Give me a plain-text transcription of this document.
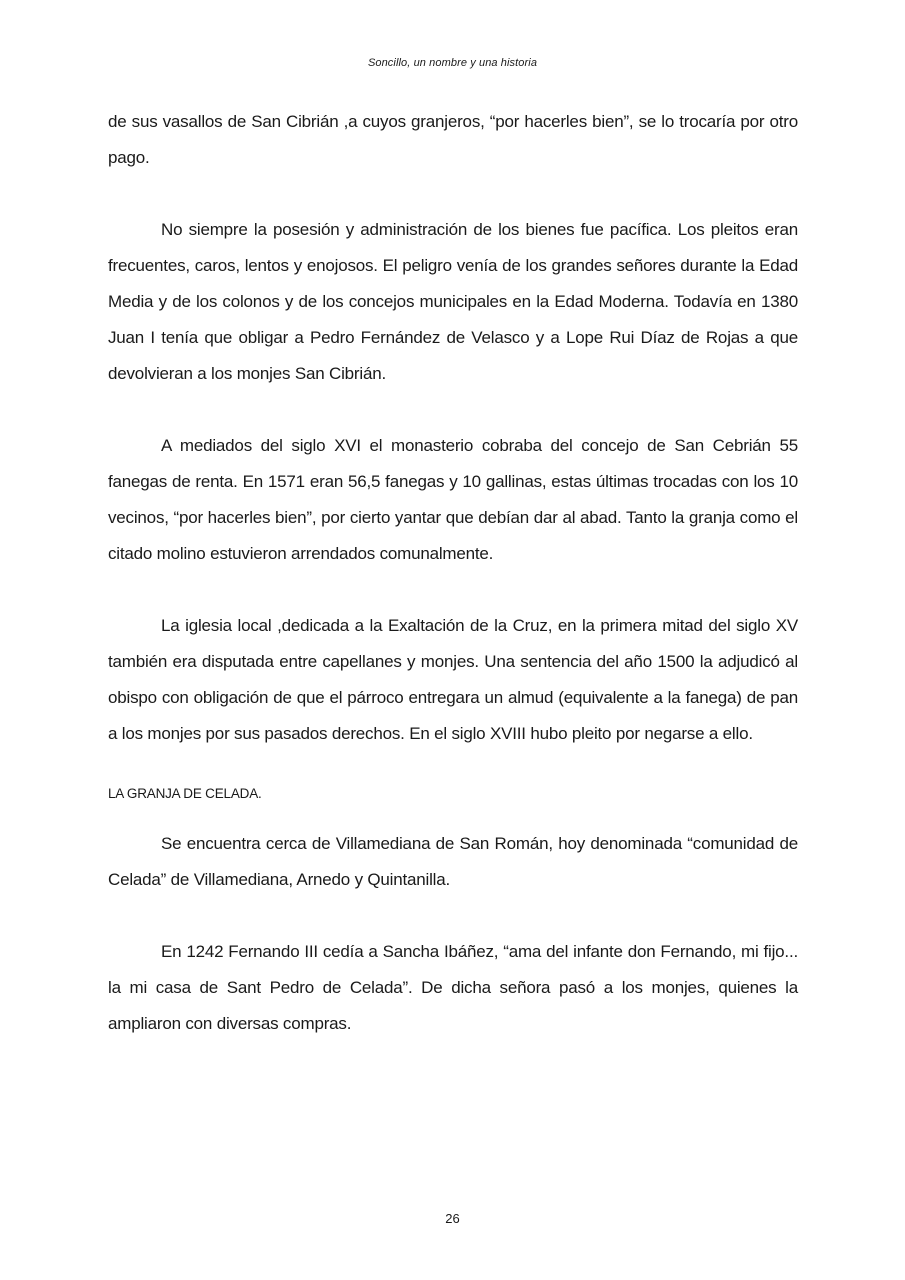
Soncillo, un nombre y una historia

de sus vasallos de San Cibrián ,a cuyos granjeros, “por hacerles bien”, se lo trocaría por otro pago.

No siempre la posesión y administración de los bienes fue pacífica. Los pleitos eran frecuentes, caros, lentos y enojosos. El peligro venía de los grandes señores durante la Edad Media y de los colonos y de los concejos municipales en la Edad Moderna. Todavía en 1380 Juan I tenía que obligar a Pedro Fernández de Velasco y a Lope Rui Díaz de Rojas a que devolvieran a los monjes San Cibrián.

A mediados del siglo XVI el monasterio cobraba del concejo de San Cebrián 55 fanegas de renta. En 1571 eran 56,5 fanegas y 10 gallinas, estas últimas trocadas con los 10 vecinos, “por hacerles bien”, por cierto yantar que debían dar al abad. Tanto la granja como el citado molino estuvieron arrendados comunalmente.

La iglesia local ,dedicada a la Exaltación de la Cruz, en la primera mitad del siglo XV también era disputada entre capellanes y monjes. Una sentencia del año 1500 la adjudicó al obispo con obligación de que el párroco entregara un almud (equivalente a la fanega) de pan a los monjes por sus pasados derechos. En el siglo XVIII hubo pleito por negarse a ello.

LA GRANJA DE CELADA.

Se encuentra cerca de Villamediana de San Román, hoy denominada “comunidad de Celada” de Villamediana, Arnedo y Quintanilla.

En 1242 Fernando III cedía a Sancha Ibáñez, “ama del infante don Fernando, mi fijo... la mi casa de Sant Pedro de Celada”. De dicha señora pasó a los monjes, quienes la ampliaron con diversas compras.

26
